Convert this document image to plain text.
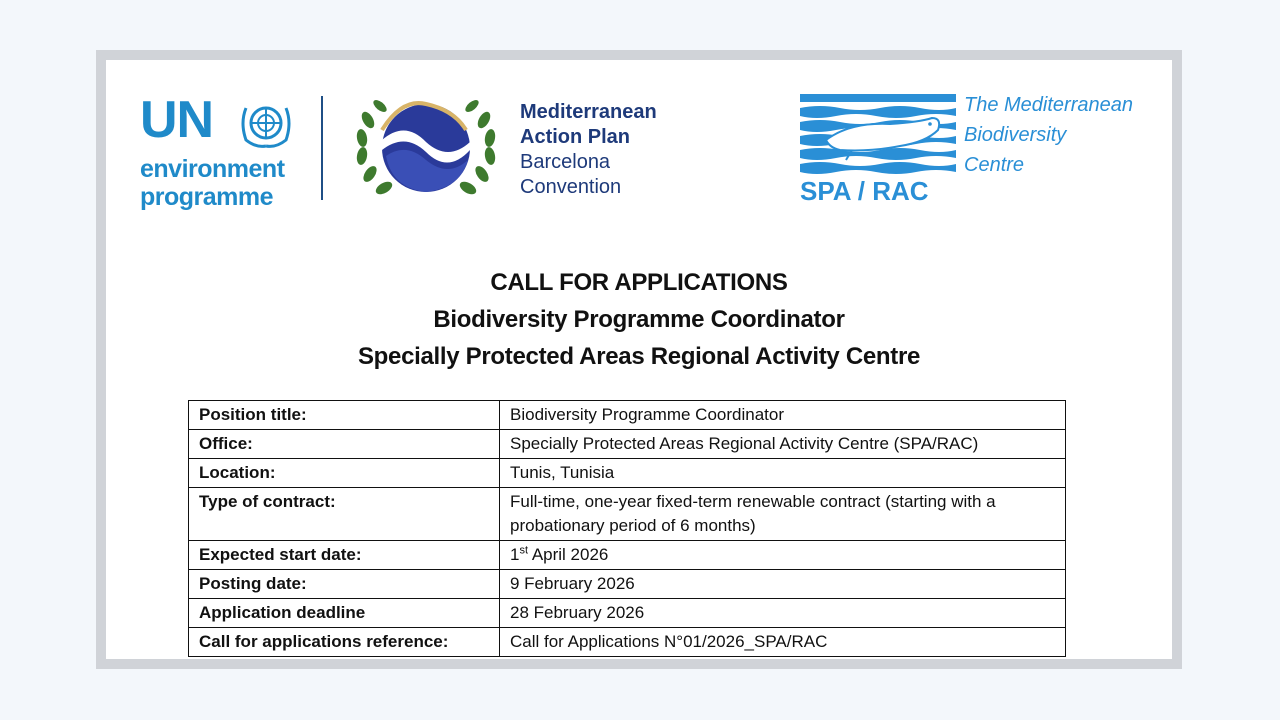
UN
environment
programme
Mediterranean
Action Plan
Barcelona
Convention	SPA / RAC
The Mediterranean
Biodiversity
Centre
CALL FOR APPLICATIONS
Biodiversity Programme Coordinator
Specially Protected Areas Regional Activity Centre
Position title:	Biodiversity Programme Coordinator
Office:	Specially Protected Areas Regional Activity Centre (SPA/RAC)
Location:	Tunis, Tunisia
Type of contract:	Full-time, one-year fixed-term renewable contract (starting with a probationary period of 6 months)
Expected start date:	1st April 2026
Posting date:	9 February 2026
Application deadline	28 February 2026
Call for applications reference:	Call for Applications N°01/2026_SPA/RAC
